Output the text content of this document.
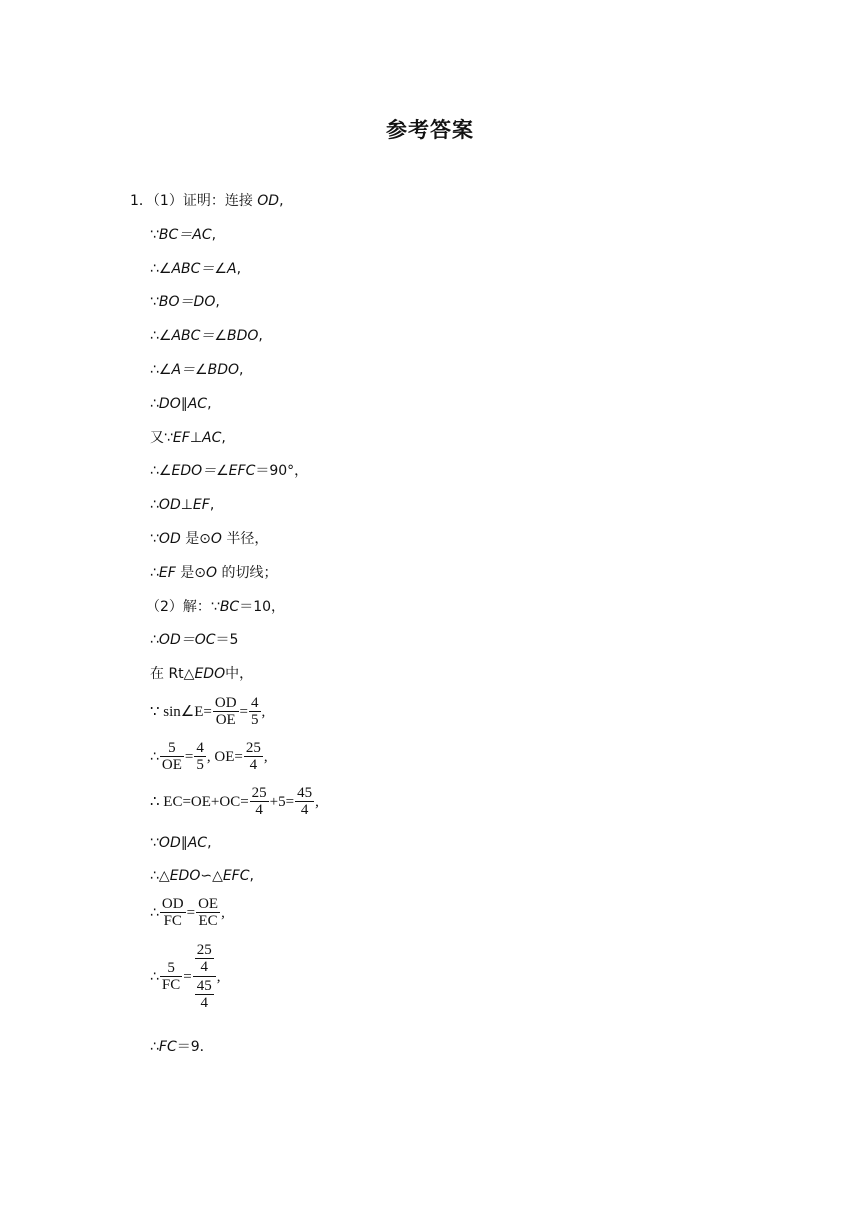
参考答案
1．（1）证明：连接 OD,
∵BC＝AC,
∴∠ABC＝∠A,
∵BO＝DO,
∴∠ABC＝∠BDO,
∴∠A＝∠BDO,
∴DO∥AC,
又∵EF⊥AC,
∴∠EDO＝∠EFC＝90°，
∴OD⊥EF,
∵OD 是⊙O 半径，
∴EF 是⊙O 的切线；
（2）解：∵BC＝10，
∴OD＝OC＝5
在 Rt△EDO中，
∵ sin∠E= $\frac{OD}{OE} = \frac{4}{5}$ ,
∴ $\frac{5}{OE} = \frac{4}{5}$ , $OE= \frac{25}{4}$ ,
∴ $EC=OE+OC= \frac{25}{4} +5= \frac{45}{4}$ ,
∵OD∥AC,
∴△EDO∽△EFC,
∴ $\frac{OD}{FC} = \frac{OE}{EC}$ ,
∴ $\frac{5}{FC} = \frac{\frac{25}{4}}{\frac{45}{4}}$ ,
∴FC＝9．
